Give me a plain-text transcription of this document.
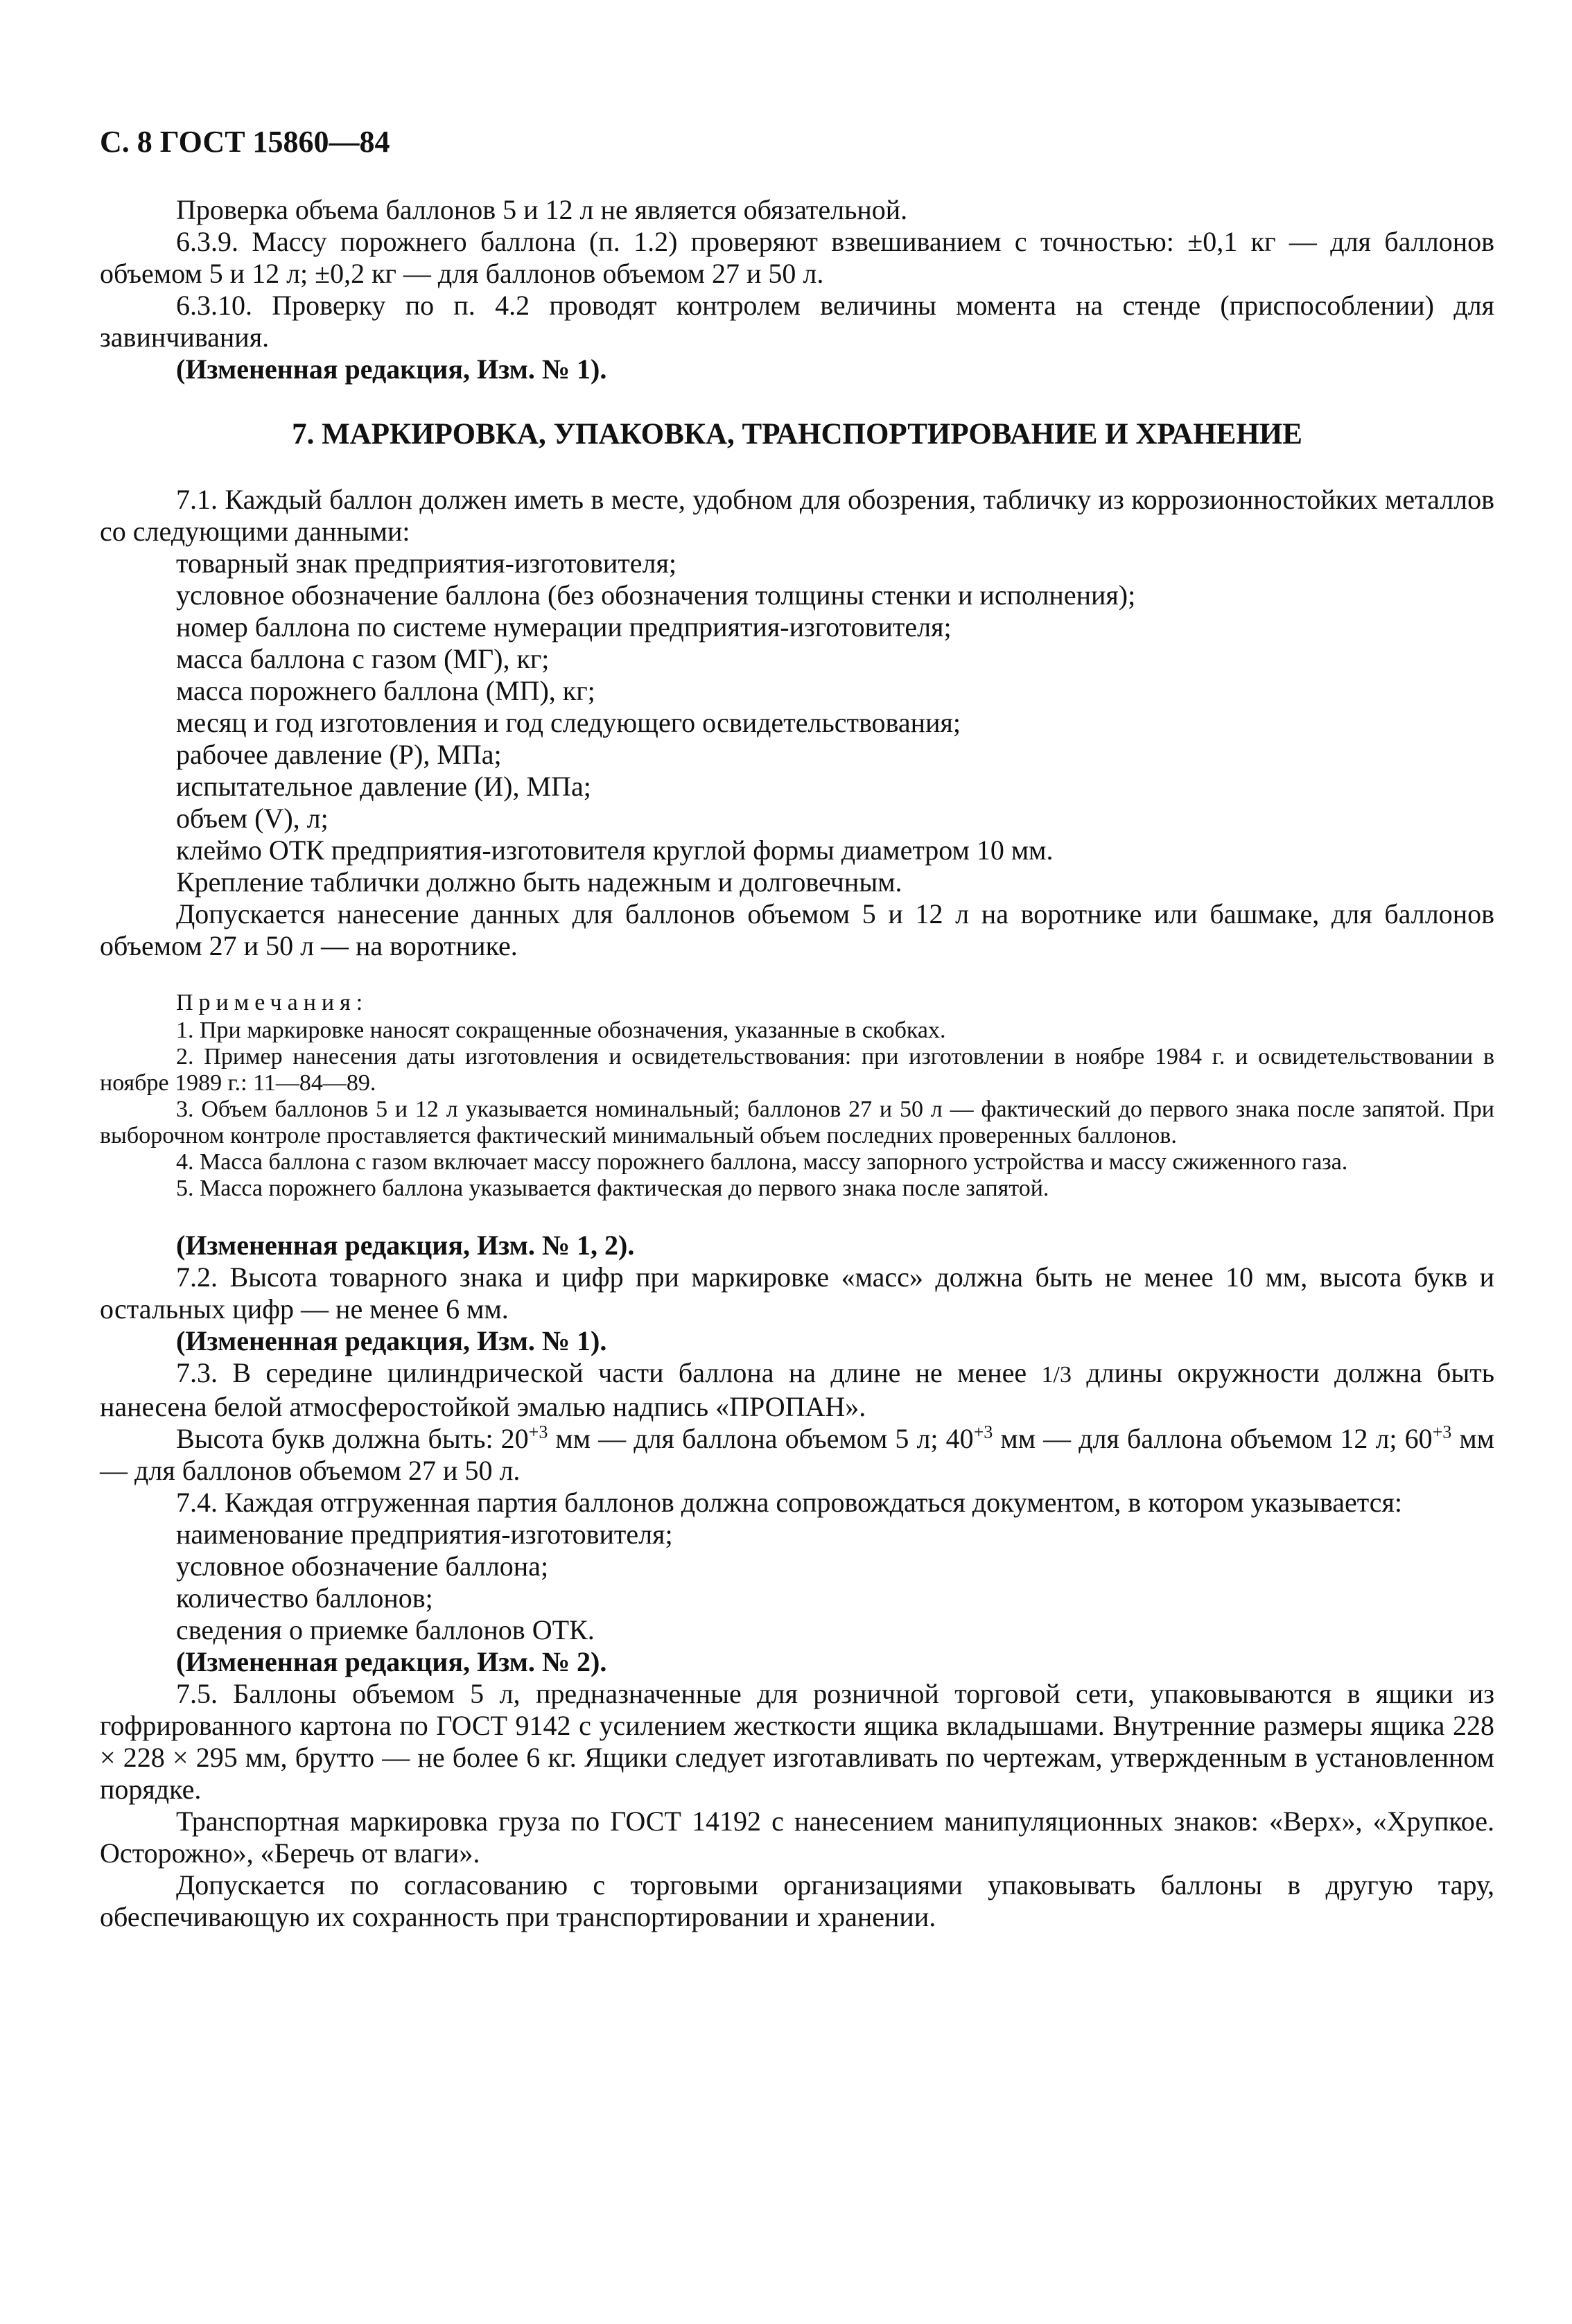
С. 8 ГОСТ 15860—84

Проверка объема баллонов 5 и 12 л не является обязательной.

6.3.9. Массу порожнего баллона (п. 1.2) проверяют взвешиванием с точностью: ±0,1 кг — для баллонов объемом 5 и 12 л; ±0,2 кг — для баллонов объемом 27 и 50 л.

6.3.10. Проверку по п. 4.2 проводят контролем величины момента на стенде (приспособлении) для завинчивания.

(Измененная редакция, Изм. № 1).

7. МАРКИРОВКА, УПАКОВКА, ТРАНСПОРТИРОВАНИЕ И ХРАНЕНИЕ

7.1. Каждый баллон должен иметь в месте, удобном для обозрения, табличку из коррозионностойких металлов со следующими данными:

товарный знак предприятия-изготовителя;

условное обозначение баллона (без обозначения толщины стенки и исполнения);

номер баллона по системе нумерации предприятия-изготовителя;

масса баллона с газом (МГ), кг;

масса порожнего баллона (МП), кг;

месяц и год изготовления и год следующего освидетельствования;

рабочее давление (Р), МПа;

испытательное давление (И), МПа;

объем (V), л;

клеймо ОТК предприятия-изготовителя круглой формы диаметром 10 мм.

Крепление таблички должно быть надежным и долговечным.

Допускается нанесение данных для баллонов объемом 5 и 12 л на воротнике или башмаке, для баллонов объемом 27 и 50 л — на воротнике.

Примечания:

1. При маркировке наносят сокращенные обозначения, указанные в скобках.

2. Пример нанесения даты изготовления и освидетельствования: при изготовлении в ноябре 1984 г. и освидетельствовании в ноябре 1989 г.: 11—84—89.

3. Объем баллонов 5 и 12 л указывается номинальный; баллонов 27 и 50 л — фактический до первого знака после запятой. При выборочном контроле проставляется фактический минимальный объем последних проверенных баллонов.

4. Масса баллона с газом включает массу порожнего баллона, массу запорного устройства и массу сжиженного газа.

5. Масса порожнего баллона указывается фактическая до первого знака после запятой.

(Измененная редакция, Изм. № 1, 2).

7.2. Высота товарного знака и цифр при маркировке «масс» должна быть не менее 10 мм, высота букв и остальных цифр — не менее 6 мм.

(Измененная редакция, Изм. № 1).

7.3. В середине цилиндрической части баллона на длине не менее 1/3 длины окружности должна быть нанесена белой атмосферостойкой эмалью надпись «ПРОПАН».

Высота букв должна быть: $20^{+3}$ мм — для баллона объемом 5 л; $40^{+3}$ мм — для баллона объемом 12 л; $60^{+3}$ мм — для баллонов объемом 27 и 50 л.

7.4. Каждая отгруженная партия баллонов должна сопровождаться документом, в котором указывается:

наименование предприятия-изготовителя;

условное обозначение баллона;

количество баллонов;

сведения о приемке баллонов ОТК.

(Измененная редакция, Изм. № 2).

7.5. Баллоны объемом 5 л, предназначенные для розничной торговой сети, упаковываются в ящики из гофрированного картона по ГОСТ 9142 с усилением жесткости ящика вкладышами. Внутренние размеры ящика 228 × 228 × 295 мм, брутто — не более 6 кг. Ящики следует изготавливать по чертежам, утвержденным в установленном порядке.

Транспортная маркировка груза по ГОСТ 14192 с нанесением манипуляционных знаков: «Верх», «Хрупкое. Осторожно», «Беречь от влаги».

Допускается по согласованию с торговыми организациями упаковывать баллоны в другую тару, обеспечивающую их сохранность при транспортировании и хранении.
